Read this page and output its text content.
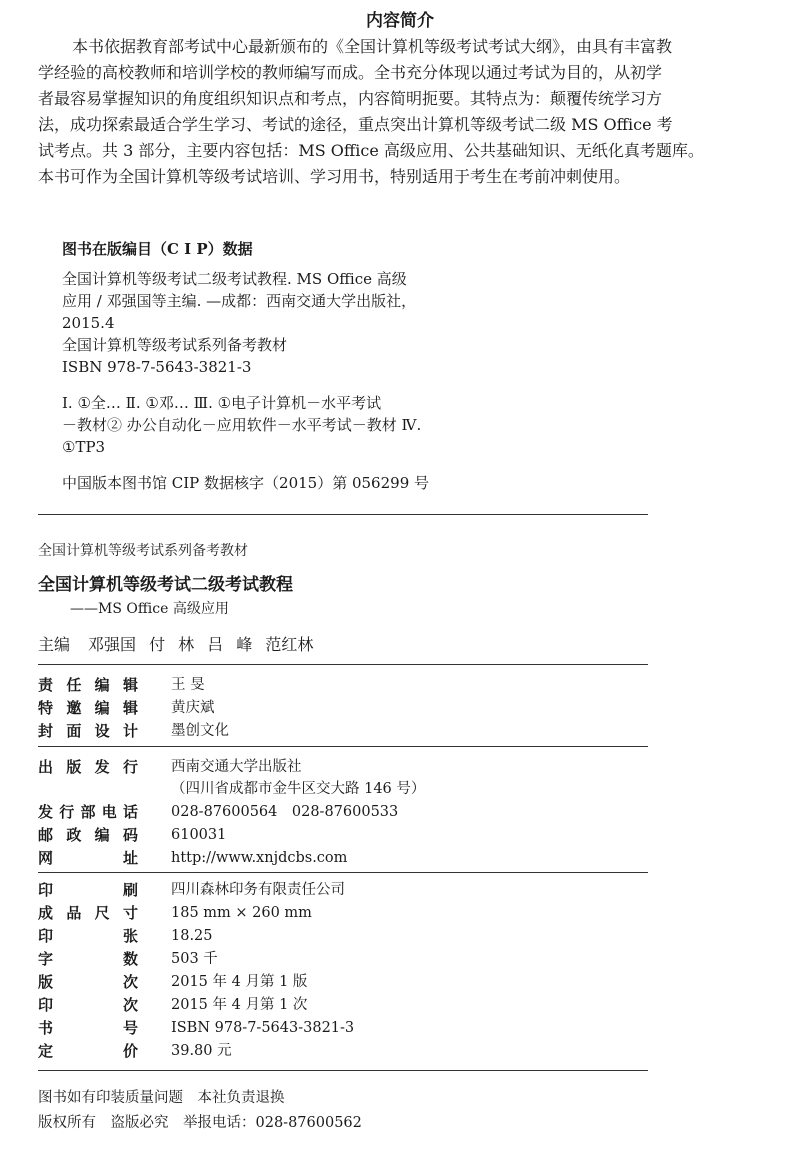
内容简介
本书依据教育部考试中心最新颁布的《全国计算机等级考试考试大纲》，由具有丰富教
学经验的高校教师和培训学校的教师编写而成。全书充分体现以通过考试为目的，从初学
者最容易掌握知识的角度组织知识点和考点，内容简明扼要。其特点为：颠覆传统学习方
法，成功探索最适合学生学习、考试的途径，重点突出计算机等级考试二级 MS Office 考
试考点。共 3 部分，主要内容包括：MS Office 高级应用、公共基础知识、无纸化真考题库。
本书可作为全国计算机等级考试培训、学习用书，特别适用于考生在考前冲刺使用。
图书在版编目（C I P）数据
全国计算机等级考试二级考试教程. MS Office 高级
应用 / 邓强国等主编. —成都：西南交通大学出版社，
2015.4
全国计算机等级考试系列备考教材
ISBN 978-7-5643-3821-3
Ⅰ. ①全… Ⅱ. ①邓… Ⅲ. ①电子计算机－水平考试
－教材② 办公自动化－应用软件－水平考试－教材 Ⅳ.
①TP3
中国版本图书馆 CIP 数据核字（2015）第 056299 号
全国计算机等级考试系列备考教材
全国计算机等级考试二级考试教程
——MS Office 高级应用
主编 邓强国 付 林 吕 峰 范红林
责任编辑 王 旻
特邀编辑 黄庆斌
封面设计 墨创文化
出版发行 西南交通大学出版社
（四川省成都市金牛区交大路 146 号）
发行部电话 028-87600564　028-87600533
邮政编码 610031
网址 http://www.xnjdcbs.com
印刷 四川森林印务有限责任公司
成品尺寸 185 mm × 260 mm
印张 18.25
字数 503 千
版次 2015 年 4 月第 1 版
印次 2015 年 4 月第 1 次
书号 ISBN 978-7-5643-3821-3
定价 39.80 元
图书如有印装质量问题　本社负责退换
版权所有　盗版必究　举报电话：028-87600562
